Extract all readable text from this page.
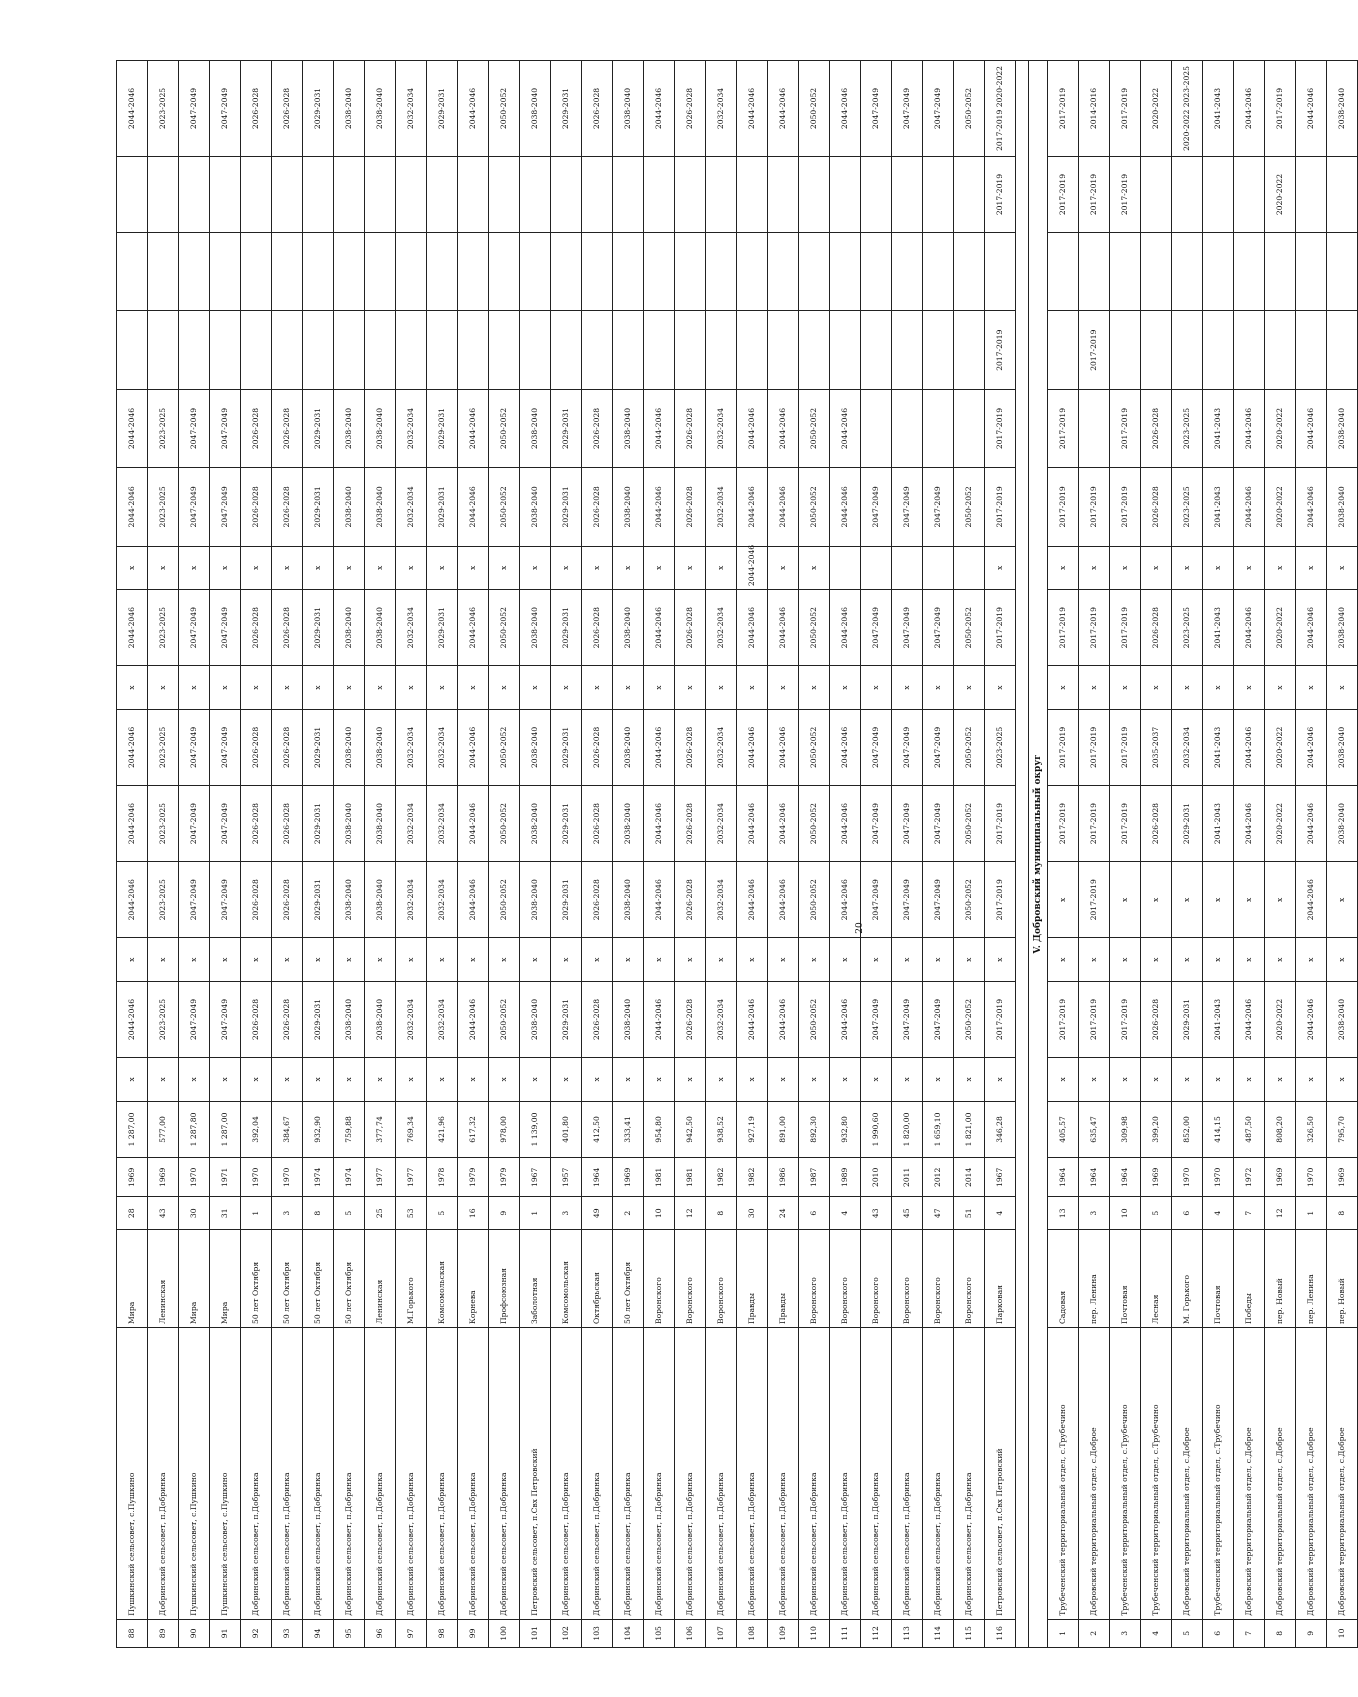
88	Пушкинский сельсовет, с.Пушкино	Мира	28	1969	1 287,00	x	2044-2046	x	2044-2046	2044-2046	2044-2046	x	2044-2046	x	2044-2046	2044-2046				2044-2046
89	Добринский сельсовет, п.Добринка	Ленинская	43	1969	577,00	x	2023-2025	x	2023-2025	2023-2025	2023-2025	x	2023-2025	x	2023-2025	2023-2025				2023-2025
90	Пушкинский сельсовет, с.Пушкино	Мира	30	1970	1 287,80	x	2047-2049	x	2047-2049	2047-2049	2047-2049	x	2047-2049	x	2047-2049	2047-2049				2047-2049
91	Пушкинский сельсовет, с.Пушкино	Мира	31	1971	1 287,00	x	2047-2049	x	2047-2049	2047-2049	2047-2049	x	2047-2049	x	2047-2049	2047-2049				2047-2049
92	Добринский сельсовет, п.Добринка	50 лет Октября	1	1970	392,04	x	2026-2028	x	2026-2028	2026-2028	2026-2028	x	2026-2028	x	2026-2028	2026-2028				2026-2028
93	Добринский сельсовет, п.Добринка	50 лет Октября	3	1970	384,67	x	2026-2028	x	2026-2028	2026-2028	2026-2028	x	2026-2028	x	2026-2028	2026-2028				2026-2028
94	Добринский сельсовет, п.Добринка	50 лет Октября	8	1974	932,90	x	2029-2031	x	2029-2031	2029-2031	2029-2031	x	2029-2031	x	2029-2031	2029-2031				2029-2031
95	Добринский сельсовет, п.Добринка	50 лет Октября	5	1974	759,88	x	2038-2040	x	2038-2040	2038-2040	2038-2040	x	2038-2040	x	2038-2040	2038-2040				2038-2040
96	Добринский сельсовет, п.Добринка	Ленинская	25	1977	377,74	x	2038-2040	x	2038-2040	2038-2040	2038-2040	x	2038-2040	x	2038-2040	2038-2040				2038-2040
97	Добринский сельсовет, п.Добринка	М.Горького	53	1977	769,34	x	2032-2034	x	2032-2034	2032-2034	2032-2034	x	2032-2034	x	2032-2034	2032-2034				2032-2034
98	Добринский сельсовет, п.Добринка	Комсомольская	5	1978	421,96	x	2032-2034	x	2032-2034	2032-2034	2032-2034	x	2029-2031	x	2029-2031	2029-2031				2029-2031
99	Добринский сельсовет, п.Добринка	Корнева	16	1979	617,32	x	2044-2046	x	2044-2046	2044-2046	2044-2046	x	2044-2046	x	2044-2046	2044-2046				2044-2046
100	Добринский сельсовет, п.Добринка	Профсоюзная	9	1979	978,00	x	2050-2052	x	2050-2052	2050-2052	2050-2052	x	2050-2052	x	2050-2052	2050-2052				2050-2052
101	Петровский сельсовет, п.Свх Петровский	Заболотная	1	1967	1 139,00	x	2038-2040	x	2038-2040	2038-2040	2038-2040	x	2038-2040	x	2038-2040	2038-2040				2038-2040
102	Добринский сельсовет, п.Добринка	Комсомольская	3	1957	401,80	x	2029-2031	x	2029-2031	2029-2031	2029-2031	x	2029-2031	x	2029-2031	2029-2031				2029-2031
103	Добринский сельсовет, п.Добринка	Октябрьская	49	1964	412,50	x	2026-2028	x	2026-2028	2026-2028	2026-2028	x	2026-2028	x	2026-2028	2026-2028				2026-2028
104	Добринский сельсовет, п.Добринка	50 лет Октября	2	1969	333,41	x	2038-2040	x	2038-2040	2038-2040	2038-2040	x	2038-2040	x	2038-2040	2038-2040				2038-2040
105	Добринский сельсовет, п.Добринка	Воронского	10	1981	954,80	x	2044-2046	x	2044-2046	2044-2046	2044-2046	x	2044-2046	x	2044-2046	2044-2046				2044-2046
106	Добринский сельсовет, п.Добринка	Воронского	12	1981	942,50	x	2026-2028	x	2026-2028	2026-2028	2026-2028	x	2026-2028	x	2026-2028	2026-2028				2026-2028
107	Добринский сельсовет, п.Добринка	Воронского	8	1982	938,52	x	2032-2034	x	2032-2034	2032-2034	2032-2034	x	2032-2034	x	2032-2034	2032-2034				2032-2034
108	Добринский сельсовет, п.Добринка	Правды	30	1982	927,19	x	2044-2046	x	2044-2046	2044-2046	2044-2046	x	2044-2046	2044-2046	2044-2046	2044-2046				2044-2046
109	Добринский сельсовет, п.Добринка	Правды	24	1986	891,00	x	2044-2046	x	2044-2046	2044-2046	2044-2046	x	2044-2046	x	2044-2046	2044-2046				2044-2046
110	Добринский сельсовет, п.Добринка	Воронского	6	1987	892,30	x	2050-2052	x	2050-2052	2050-2052	2050-2052	x	2050-2052	x	2050-2052	2050-2052				2050-2052
111	Добринский сельсовет, п.Добринка	Воронского	4	1989	932,80	x	2044-2046	x	2044-2046	2044-2046	2044-2046	x	2044-2046		2044-2046	2044-2046				2044-2046
112	Добринский сельсовет, п.Добринка	Воронского	43	2010	1 990,60	x	2047-2049	x	2047-2049	2047-2049	2047-2049	x	2047-2049		2047-2049					2047-2049
113	Добринский сельсовет, п.Добринка	Воронского	45	2011	1 820,00	x	2047-2049	x	2047-2049	2047-2049	2047-2049	x	2047-2049		2047-2049					2047-2049
114	Добринский сельсовет, п.Добринка	Воронского	47	2012	1 659,10	x	2047-2049	x	2047-2049	2047-2049	2047-2049	x	2047-2049		2047-2049					2047-2049
115	Добринский сельсовет, п.Добринка	Воронского	51	2014	1 821,00	x	2050-2052	x	2050-2052	2050-2052	2050-2052	x	2050-2052		2050-2052					2050-2052
116	Петровский сельсовет, п.Свх Петровский	Парковая	4	1967	346,28	x	2017-2019	x	2017-2019	2017-2019	2023-2025	x	2017-2019	x	2017-2019	2017-2019	2017-2019		2017-2019	2017-2019 2020-2022

V. Добровский муниципальный округ																				
1	Трубеченский территориальный отдел, с.Трубечино	Садовая	13	1964	405,57	x	2017-2019	x	x	2017-2019	2017-2019	x	2017-2019	x	2017-2019	2017-2019			2017-2019	2017-2019
2	Добровский территориальный отдел, с.Доброе	пер. Ленина	3	1964	635,47	x	2017-2019	x	2017-2019	2017-2019	2017-2019	x	2017-2019	x	2017-2019		2017-2019		2017-2019	2014-2016
3	Трубеченский территориальный отдел, с.Трубечино	Почтовая	10	1964	309,98	x	2017-2019	x	x	2017-2019	2017-2019	x	2017-2019	x	2017-2019	2017-2019			2017-2019	2017-2019
4	Трубеченский территориальный отдел, с.Трубечино	Лесная	5	1969	399,20	x	2026-2028	x	x	2026-2028	2035-2037	x	2026-2028	x	2026-2028	2026-2028				2020-2022
5	Добровский территориальный отдел, с.Доброе	М. Горького	6	1970	852,00	x	2029-2031	x	x	2029-2031	2032-2034	x	2023-2025	x	2023-2025	2023-2025				2020-2022 2023-2025
6	Трубеченский территориальный отдел, с.Трубечино	Почтовая	4	1970	414,15	x	2041-2043	x	x	2041-2043	2041-2043	x	2041-2043	x	2041-2043	2041-2043				2041-2043
7	Добровский территориальный отдел, с.Доброе	Победы	7	1972	487,50	x	2044-2046	x	x	2044-2046	2044-2046	x	2044-2046	x	2044-2046	2044-2046				2044-2046
8	Добровский территориальный отдел, с.Доброе	пер. Новый	12	1969	808,20	x	2020-2022	x	x	2020-2022	2020-2022	x	2020-2022	x	2020-2022	2020-2022			2020-2022	2017-2019
9	Добровский территориальный отдел, с.Доброе	пер. Ленина	1	1970	326,50	x	2044-2046	x	2044-2046	2044-2046	2044-2046	x	2044-2046	x	2044-2046	2044-2046				2044-2046
10	Добровский территориальный отдел, с.Доброе	пер. Новый	8	1969	795,70	x	2038-2040	x	x	2038-2040	2038-2040	x	2038-2040	x	2038-2040	2038-2040				2038-2040
20
